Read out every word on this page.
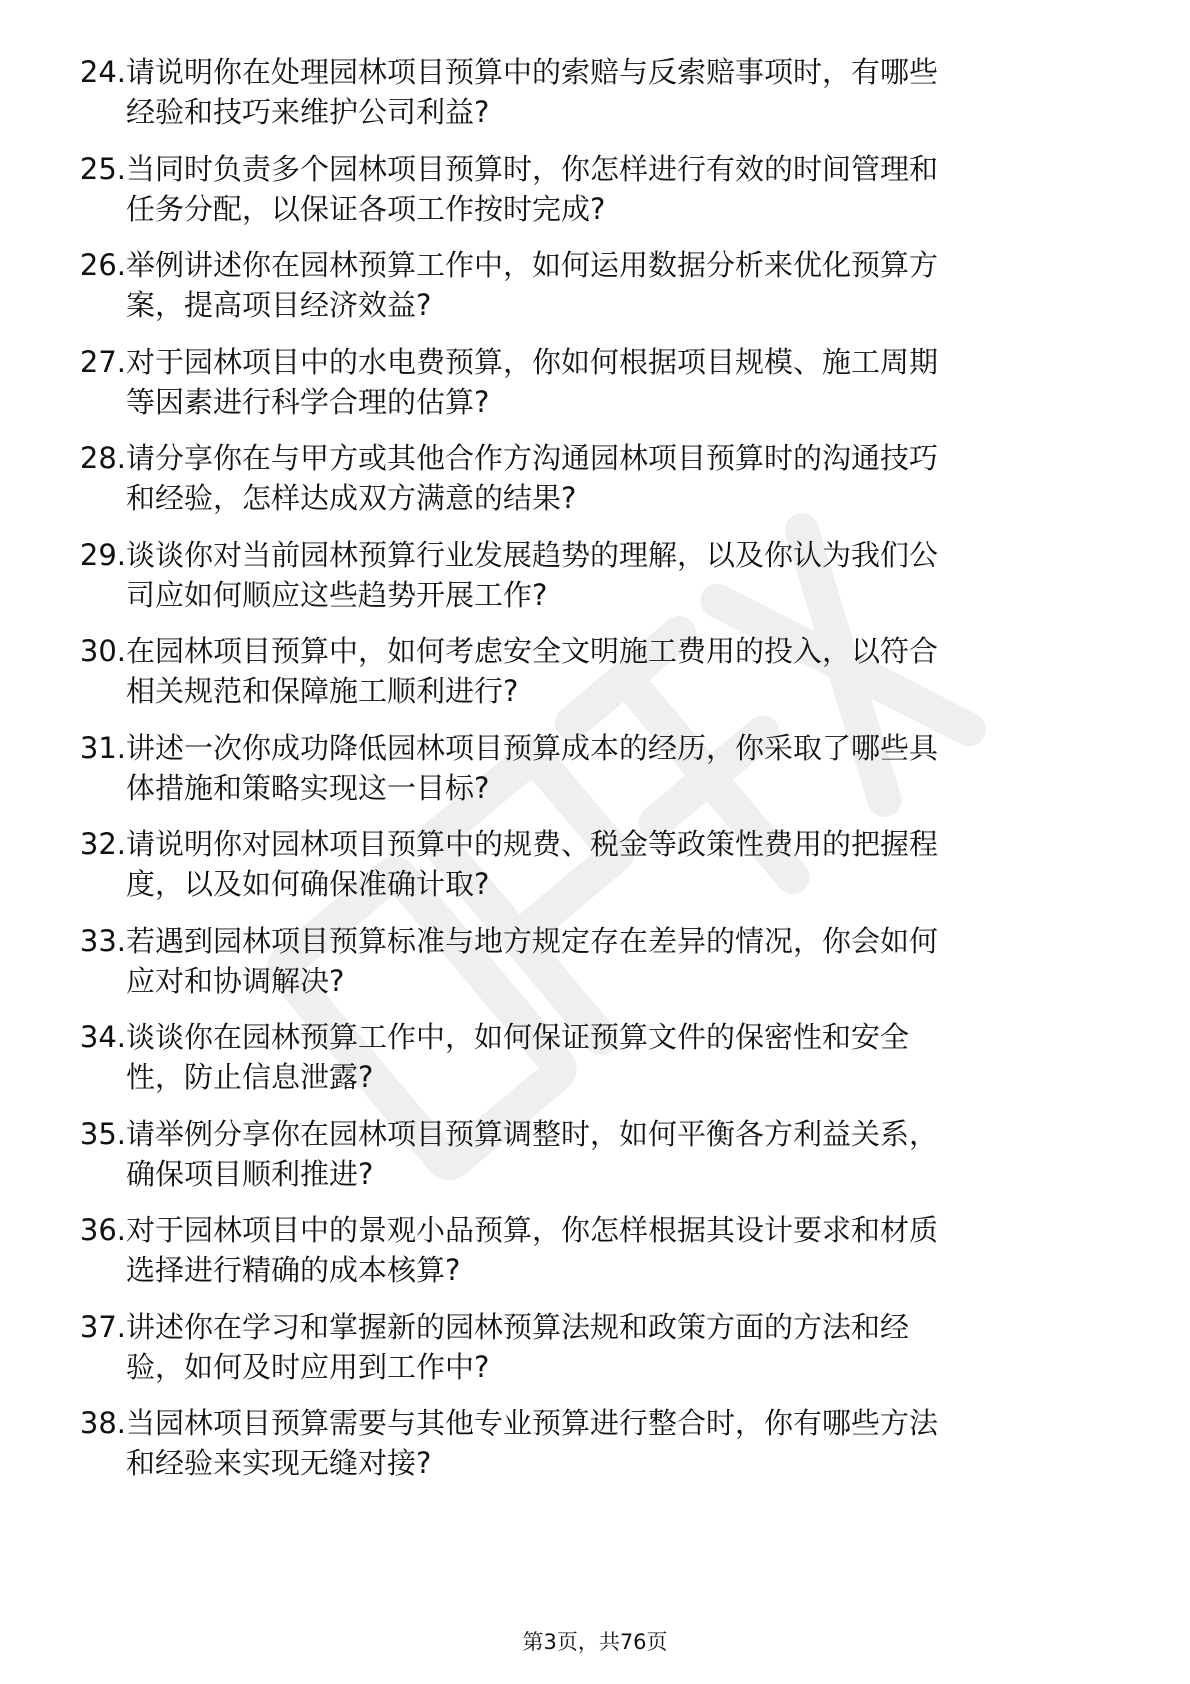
24. 请说明你在处理园林项目预算中的索赔与反索赔事项时，有哪些
经验和技巧来维护公司利益?
25. 当同时负责多个园林项目预算时，你怎样进行有效的时间管理和
任务分配，以保证各项工作按时完成?
26. 举例讲述你在园林预算工作中，如何运用数据分析来优化预算方
案，提高项目经济效益?
27. 对于园林项目中的水电费预算，你如何根据项目规模、施工周期
等因素进行科学合理的估算?
28. 请分享你在与甲方或其他合作方沟通园林项目预算时的沟通技巧
和经验，怎样达成双方满意的结果?
29. 谈谈你对当前园林预算行业发展趋势的理解，以及你认为我们公
司应如何顺应这些趋势开展工作?
30. 在园林项目预算中，如何考虑安全文明施工费用的投入，以符合
相关规范和保障施工顺利进行?
31. 讲述一次你成功降低园林项目预算成本的经历，你采取了哪些具
体措施和策略实现这一目标?
32. 请说明你对园林项目预算中的规费、税金等政策性费用的把握程
度，以及如何确保准确计取?
33. 若遇到园林项目预算标准与地方规定存在差异的情况，你会如何
应对和协调解决?
34. 谈谈你在园林预算工作中，如何保证预算文件的保密性和安全
性，防止信息泄露?
35. 请举例分享你在园林项目预算调整时，如何平衡各方利益关系，
确保项目顺利推进?
36. 对于园林项目中的景观小品预算，你怎样根据其设计要求和材质
选择进行精确的成本核算?
37. 讲述你在学习和掌握新的园林预算法规和政策方面的方法和经
验，如何及时应用到工作中?
38. 当园林项目预算需要与其他专业预算进行整合时，你有哪些方法
和经验来实现无缝对接?
第3页，共76页
